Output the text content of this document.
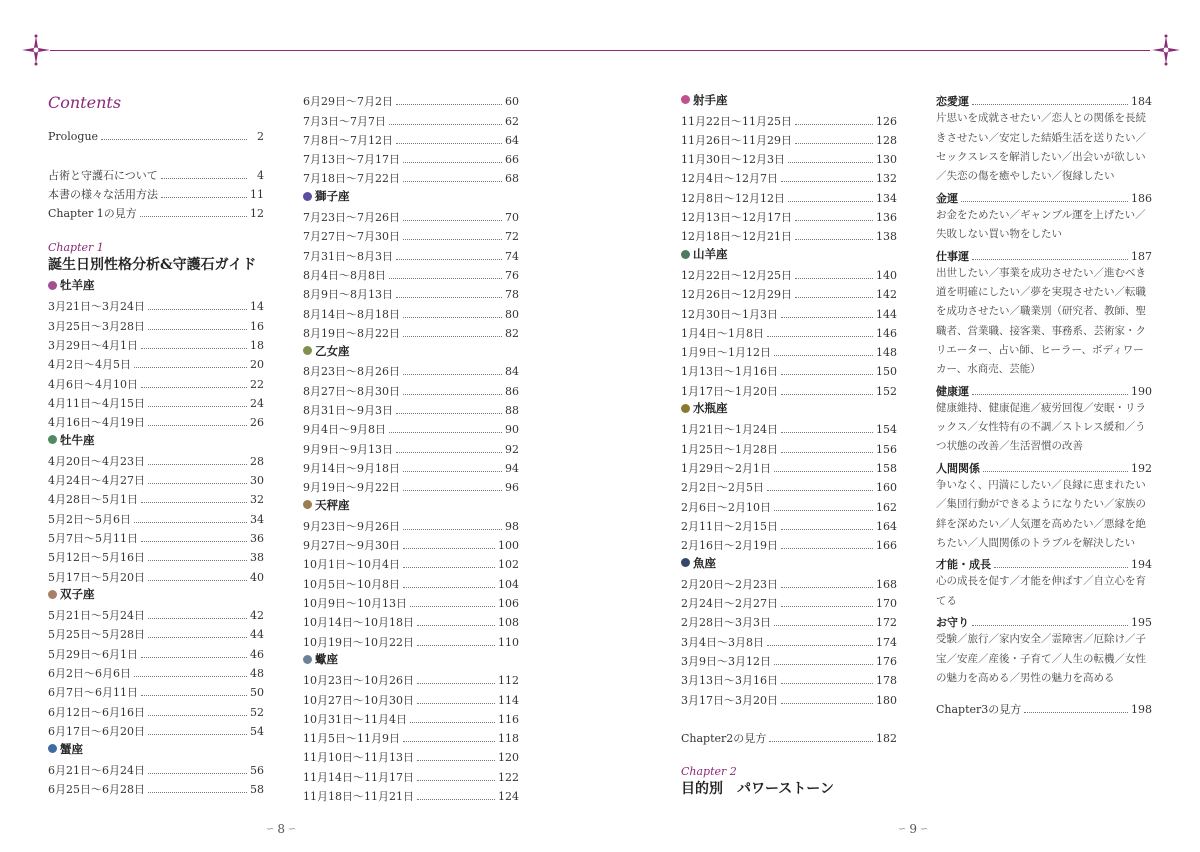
Contents
Prologue	2
占術と守護石について	4
本書の様々な活用方法	11
Chapter 1の見方	12
Chapter 1
誕生日別性格分析&守護石ガイド
牡羊座
3月21日～3月24日	14
3月25日～3月28日	16
3月29日～4月1日	18
4月2日～4月5日	20
4月6日～4月10日	22
4月11日～4月15日	24
4月16日～4月19日	26
牡牛座
4月20日～4月23日	28
4月24日～4月27日	30
4月28日～5月1日	32
5月2日～5月6日	34
5月7日～5月11日	36
5月12日～5月16日	38
5月17日～5月20日	40
双子座
5月21日～5月24日	42
5月25日～5月28日	44
5月29日～6月1日	46
6月2日～6月6日	48
6月7日～6月11日	50
6月12日～6月16日	52
6月17日～6月20日	54
蟹座
6月21日～6月24日	56
6月25日～6月28日	58
6月29日～7月2日	60
7月3日～7月7日	62
7月8日～7月12日	64
7月13日～7月17日	66
7月18日～7月22日	68
獅子座
7月23日～7月26日	70
7月27日～7月30日	72
7月31日～8月3日	74
8月4日～8月8日	76
8月9日～8月13日	78
8月14日～8月18日	80
8月19日～8月22日	82
乙女座
8月23日～8月26日	84
8月27日～8月30日	86
8月31日～9月3日	88
9月4日～9月8日	90
9月9日～9月13日	92
9月14日～9月18日	94
9月19日～9月22日	96
天秤座
9月23日～9月26日	98
9月27日～9月30日	100
10月1日～10月4日	102
10月5日～10月8日	104
10月9日～10月13日	106
10月14日～10月18日	108
10月19日～10月22日	110
蠍座
10月23日～10月26日	112
10月27日～10月30日	114
10月31日～11月4日	116
11月5日～11月9日	118
11月10日～11月13日	120
11月14日～11月17日	122
11月18日～11月21日	124
射手座
11月22日～11月25日	126
11月26日～11月29日	128
11月30日～12月3日	130
12月4日～12月7日	132
12月8日～12月12日	134
12月13日～12月17日	136
12月18日～12月21日	138
山羊座
12月22日～12月25日	140
12月26日～12月29日	142
12月30日～1月3日	144
1月4日～1月8日	146
1月9日～1月12日	148
1月13日～1月16日	150
1月17日～1月20日	152
水瓶座
1月21日～1月24日	154
1月25日～1月28日	156
1月29日～2月1日	158
2月2日～2月5日	160
2月6日～2月10日	162
2月11日～2月15日	164
2月16日～2月19日	166
魚座
2月20日～2月23日	168
2月24日～2月27日	170
2月28日～3月3日	172
3月4日～3月8日	174
3月9日～3月12日	176
3月13日～3月16日	178
3月17日～3月20日	180
Chapter2の見方	182
Chapter 2
目的別　パワーストーン
恋愛運	184
片思いを成就させたい／恋人との関係を長続きさせたい／安定した結婚生活を送りたい／セックスレスを解消したい／出会いが欲しい／失恋の傷を癒やしたい／復縁したい
金運	186
お金をためたい／ギャンブル運を上げたい／失敗しない買い物をしたい
仕事運	187
出世したい／事業を成功させたい／進むべき道を明確にしたい／夢を実現させたい／転職を成功させたい／職業別（研究者、教師、聖職者、営業職、接客業、事務系、芸術家・クリエーター、占い師、ヒーラー、ボディワーカー、水商売、芸能）
健康運	190
健康維持、健康促進／疲労回復／安眠・リラックス／女性特有の不調／ストレス緩和／うつ状態の改善／生活習慣の改善
人間関係	192
争いなく、円満にしたい／良縁に恵まれたい／集団行動ができるようになりたい／家族の絆を深めたい／人気運を高めたい／悪縁を絶ちたい／人間関係のトラブルを解決したい
才能・成長	194
心の成長を促す／才能を伸ばす／自立心を育てる
お守り	195
受験／旅行／家内安全／霊障害／厄除け／子宝／安産／産後・子育て／人生の転機／女性の魅力を高める／男性の魅力を高める
Chapter3の見方	198
∽ 8 ∽	∽ 9 ∽
